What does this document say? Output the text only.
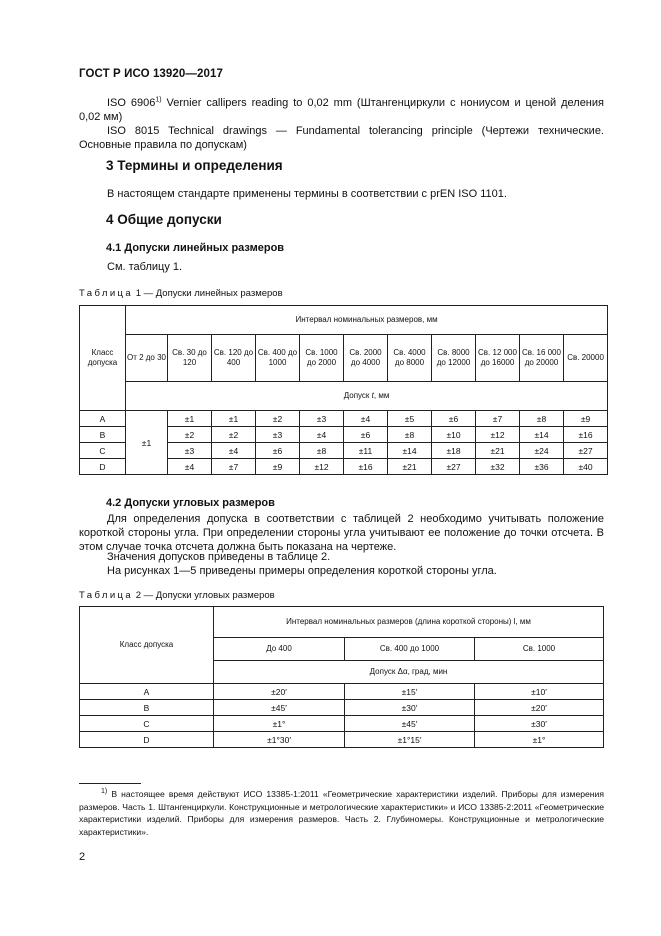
ГОСТ Р ИСО 13920—2017
ISO 6906$^{1)}$ Vernier callipers reading to 0,02 mm (Штангенциркули с нониусом и ценой деления 0,02 мм)
ISO 8015 Technical drawings — Fundamental tolerancing principle (Чертежи технические. Основные правила по допускам)
3 Термины и определения
В настоящем стандарте применены термины в соответствии с prEN ISO 1101.
4 Общие допуски
4.1 Допуски линейных размеров
См. таблицу 1.
Таблица 1 — Допуски линейных размеров
Класс допуска	Интервал номинальных размеров, мм										
	От 2 до 30	Св. 30 до 120	Св. 120 до 400	Св. 400 до 1000	Св. 1000 до 2000	Св. 2000 до 4000	Св. 4000 до 8000	Св. 8000 до 12000	Св. 12 000 до 16000	Св. 16 000 до 20000	Св. 20000
	Допуск t, мм										
A	±1	±1	±1	±2	±3	±4	±5	±6	±7	±8	±9
B		±2	±2	±3	±4	±6	±8	±10	±12	±14	±16
C		±3	±4	±6	±8	±11	±14	±18	±21	±24	±27
D		±4	±7	±9	±12	±16	±21	±27	±32	±36	±40
4.2 Допуски угловых размеров
Для определения допуска в соответствии с таблицей 2 необходимо учитывать положение короткой стороны угла. При определении стороны угла учитывают ее положение до точки отсчета. В этом случае точка отсчета должна быть показана на чертеже.
Значения допусков приведены в таблице 2.
На рисунках 1—5 приведены примеры определения короткой стороны угла.
Таблица 2 — Допуски угловых размеров
Класс допуска	Интервал номинальных размеров (длина короткой стороны) l, мм		
	До 400	Св. 400 до 1000	Св. 1000
	Допуск Δα, град, мин		
A	±20′	±15′	±10′
B	±45′	±30′	±20′
C	±1°	±45′	±30′
D	±1°30′	±1°15′	±1°
$^{1)}$ В настоящее время действуют ИСО 13385-1:2011 «Геометрические характеристики изделий. Приборы для измерения размеров. Часть 1. Штангенциркули. Конструкционные и метрологические характеристики» и ИСО 13385-2:2011 «Геометрические характеристики изделий. Приборы для измерения размеров. Часть 2. Глубиномеры. Конструкционные и метрологические характеристики».
2
